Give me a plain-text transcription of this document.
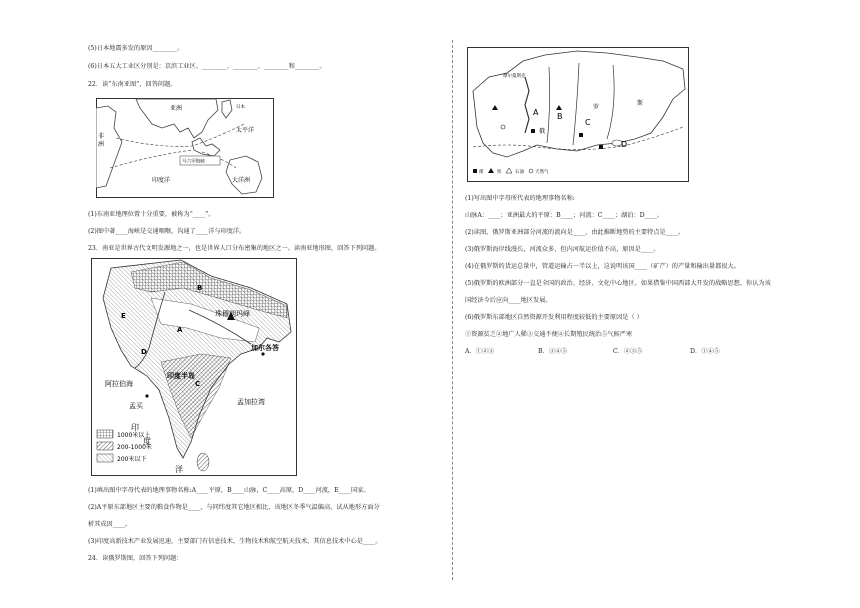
(5)日本地震多发的原因________。
(6)日本五大工业区分别是：京滨工业区、________、________、________和________。
22．读“东南亚图”，回答问题。
亚洲
非洲
太平洋
马六甲海峡
印度洋	大洋洲
日本
(1)东南亚地理位置十分重要，被称为“____”。
(2)图中著____海峡是交通咽喉，沟通了____洋与印度洋。
23．南亚是世界古代文明发源地之一，也是世界人口分布密集的地区之一。读南亚地形图，回答下列问题。
珠穆朗玛峰
印度半岛
阿拉伯海
孟买	孟加拉湾
印
度
洋
加尔各答
A
B
C
D
E
1000米以上
200-1000米
200米以下
(1)填出图中字母代表的地理事物名称:A____平原，B____山脉，C____高原，D____河流，E____国家。
(2)A平原东部地区主要的粮食作物是____，与同纬度其它地区相比，该地区冬季气温偏高，试从地形方面分
析其成因____。
(3)印度高新技术产业发展迅速，主要部门有信息技术、生物技术和航空航天技术，其信息技术中心是____。
24．读俄罗斯图，回答下列问题：
摩尔曼斯克
A B
C
D
俄
罗
斯
煤	铁	石油 天然气
(1)写出图中字母所代表的地理事物名称:
山脉A：____；亚洲最大的平原：B____；河流：C____；湖泊：D____。
(2)读图，俄罗斯亚洲部分河流的流向是____，由此推断地势的主要特点是____。
(3)俄罗斯海岸线漫长，河流众多，但内河航运价值不高，原因是____。
(4)在俄罗斯的货运总量中，管道运输占一半以上，这说明该国____（矿产）的产量和输出量都很大。
(5)俄罗斯的欧洲部分一直是全国的政治、经济、文化中心地区。如果借鉴中国西部大开发的战略思想，你认为该
国经济今后应向____地区发展。
(6)俄罗斯东部地区自然资源开发利用程度较低的主要原因是（ ）
①资源贫乏②地广人稀③交通不便④长期殖民统治⑤气候严寒
A．①②③	B．③④⑤	C．②③⑤	D．①④⑤
